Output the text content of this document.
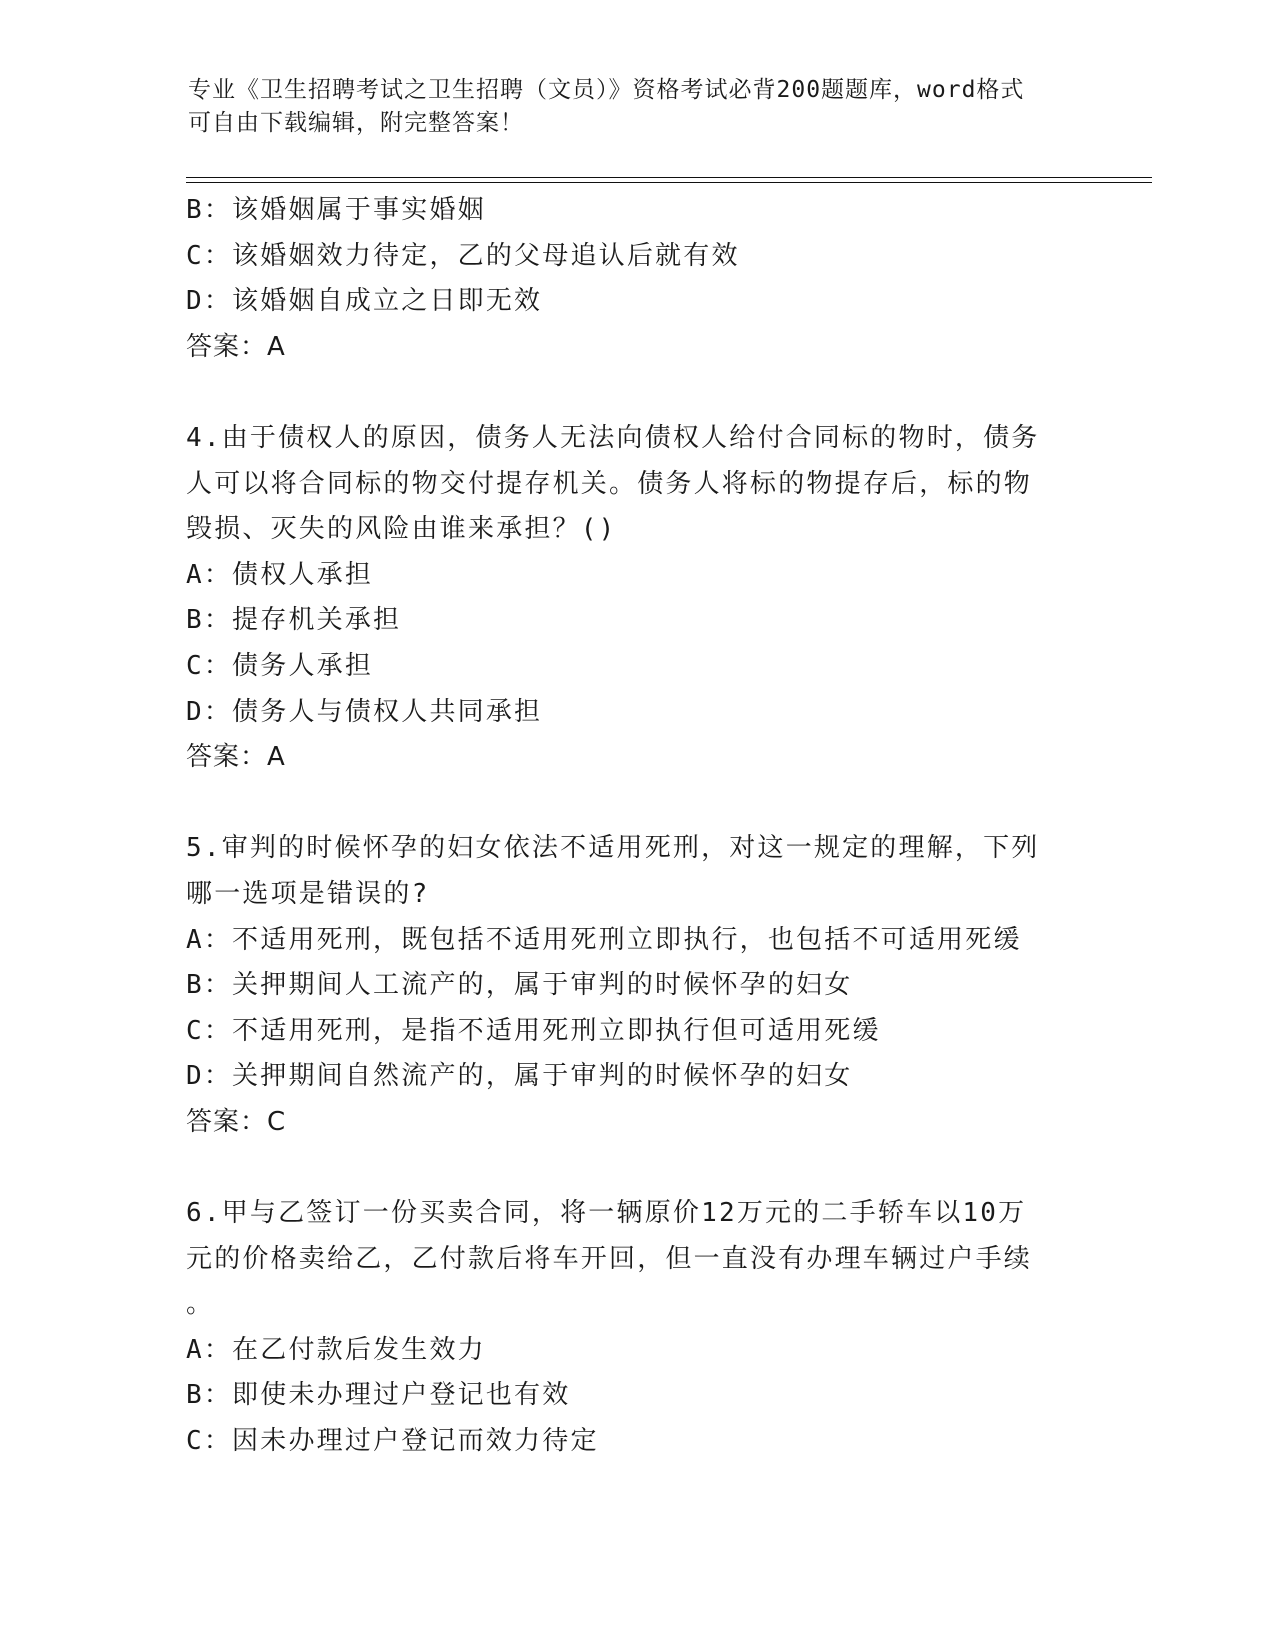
专业《卫生招聘考试之卫生招聘（文员）》资格考试必背200题题库，word格式
可自由下载编辑，附完整答案！
B：该婚姻属于事实婚姻
C：该婚姻效力待定，乙的父母追认后就有效
D：该婚姻自成立之日即无效
答案：A
4.由于债权人的原因，债务人无法向债权人给付合同标的物时，债务
人可以将合同标的物交付提存机关。债务人将标的物提存后，标的物
毁损、灭失的风险由谁来承担？()
A：债权人承担
B：提存机关承担
C：债务人承担
D：债务人与债权人共同承担
答案：A
5.审判的时候怀孕的妇女依法不适用死刑，对这一规定的理解，下列
哪一选项是错误的?
A：不适用死刑，既包括不适用死刑立即执行，也包括不可适用死缓
B：关押期间人工流产的，属于审判的时候怀孕的妇女
C：不适用死刑，是指不适用死刑立即执行但可适用死缓
D：关押期间自然流产的，属于审判的时候怀孕的妇女
答案：C
6.甲与乙签订一份买卖合同，将一辆原价12万元的二手轿车以10万
元的价格卖给乙，乙付款后将车开回，但一直没有办理车辆过户手续
。
A：在乙付款后发生效力
B：即使未办理过户登记也有效
C：因未办理过户登记而效力待定
